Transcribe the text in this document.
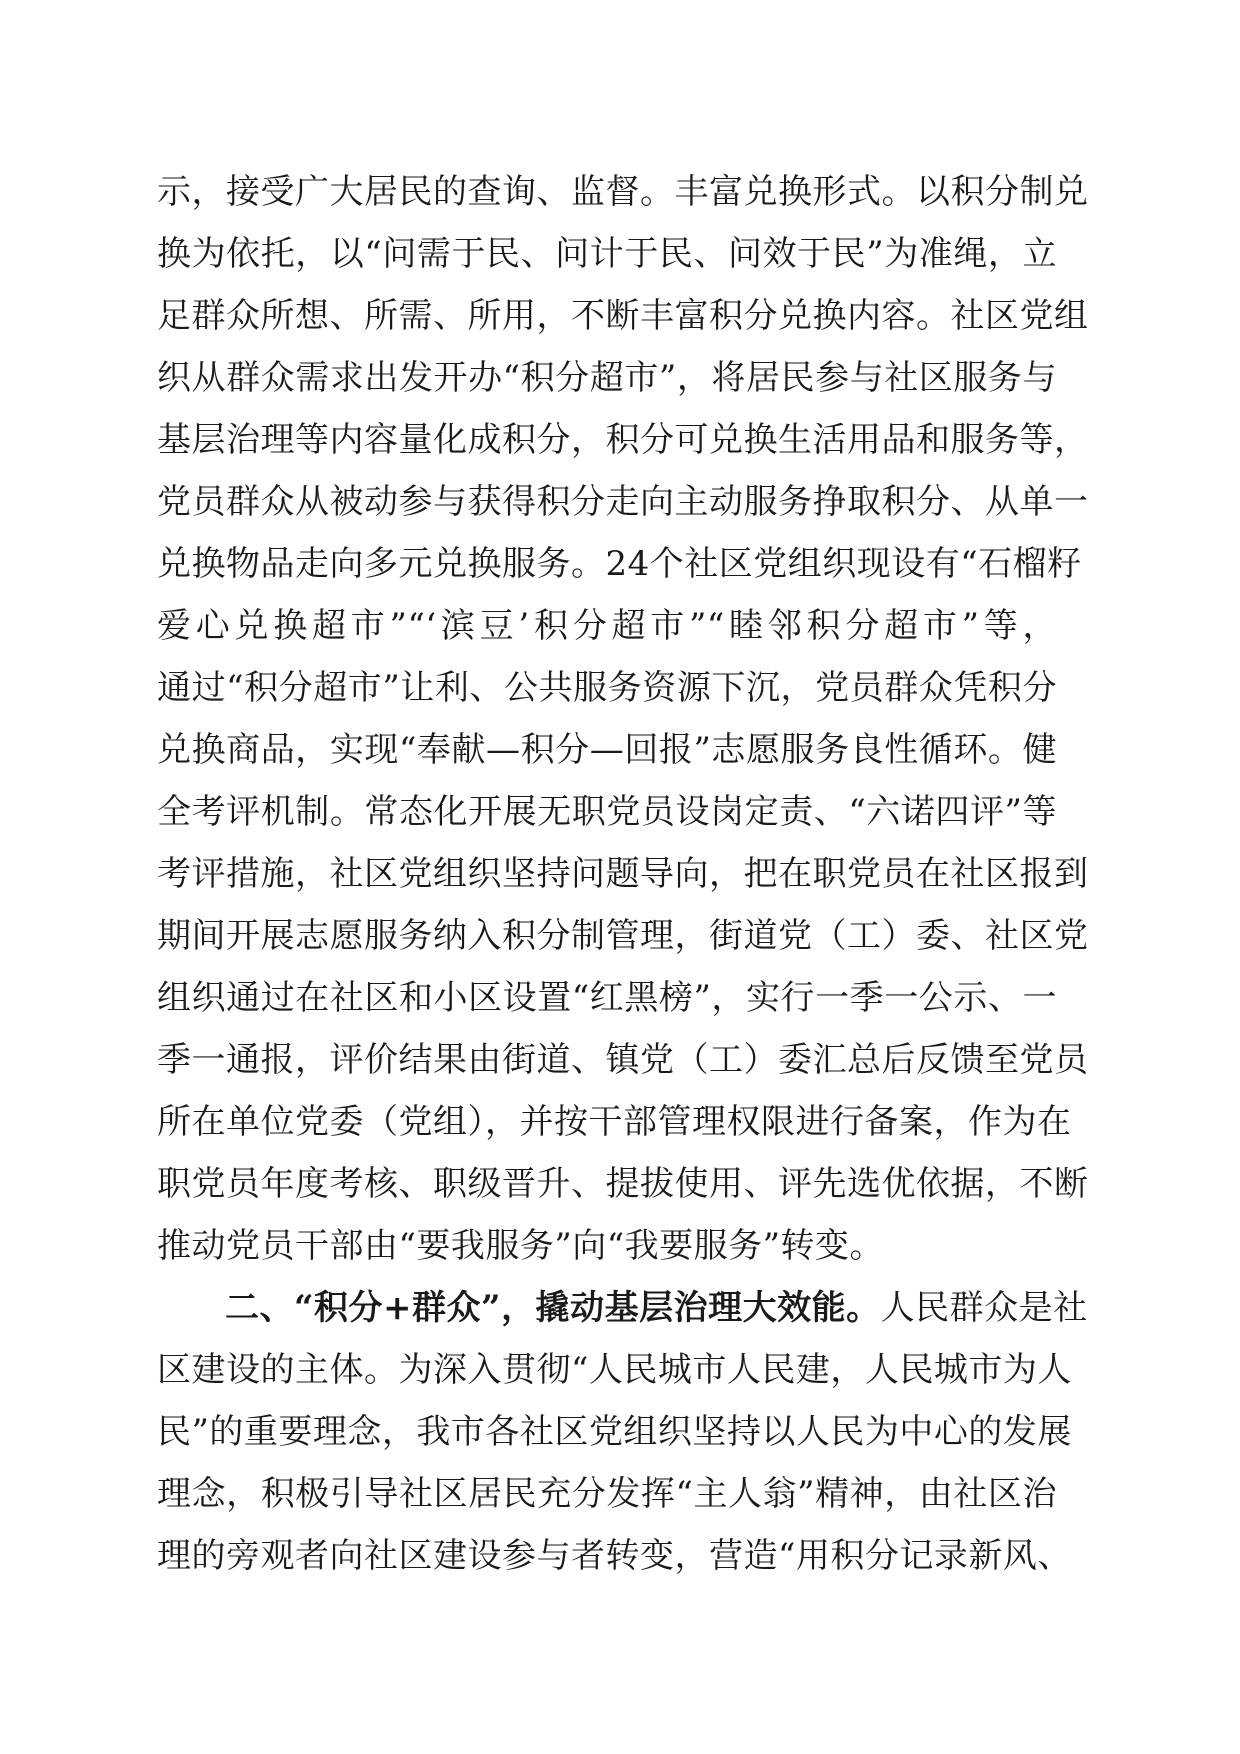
示，接受广大居民的查询、监督。丰富兑换形式。以积分制兑
换为依托，以“问需于民、问计于民、问效于民”为准绳，立
足群众所想、所需、所用，不断丰富积分兑换内容。社区党组
织从群众需求出发开办“积分超市”，将居民参与社区服务与
基层治理等内容量化成积分，积分可兑换生活用品和服务等，
党员群众从被动参与获得积分走向主动服务挣取积分、从单一
兑换物品走向多元兑换服务。24个社区党组织现设有“石榴籽
爱心兑换超市”“‘滨豆’积分超市”“睦邻积分超市”等，
通过“积分超市”让利、公共服务资源下沉，党员群众凭积分
兑换商品，实现“奉献—积分—回报”志愿服务良性循环。健
全考评机制。常态化开展无职党员设岗定责、“六诺四评”等
考评措施，社区党组织坚持问题导向，把在职党员在社区报到
期间开展志愿服务纳入积分制管理，街道党（工）委、社区党
组织通过在社区和小区设置“红黑榜”，实行一季一公示、一
季一通报，评价结果由街道、镇党（工）委汇总后反馈至党员
所在单位党委（党组），并按干部管理权限进行备案，作为在
职党员年度考核、职级晋升、提拔使用、评先选优依据，不断
推动党员干部由“要我服务”向“我要服务”转变。
二、“积分+群众”，撬动基层治理大效能。人民群众是社
区建设的主体。为深入贯彻“人民城市人民建，人民城市为人
民”的重要理念，我市各社区党组织坚持以人民为中心的发展
理念，积极引导社区居民充分发挥“主人翁”精神，由社区治
理的旁观者向社区建设参与者转变，营造“用积分记录新风、
